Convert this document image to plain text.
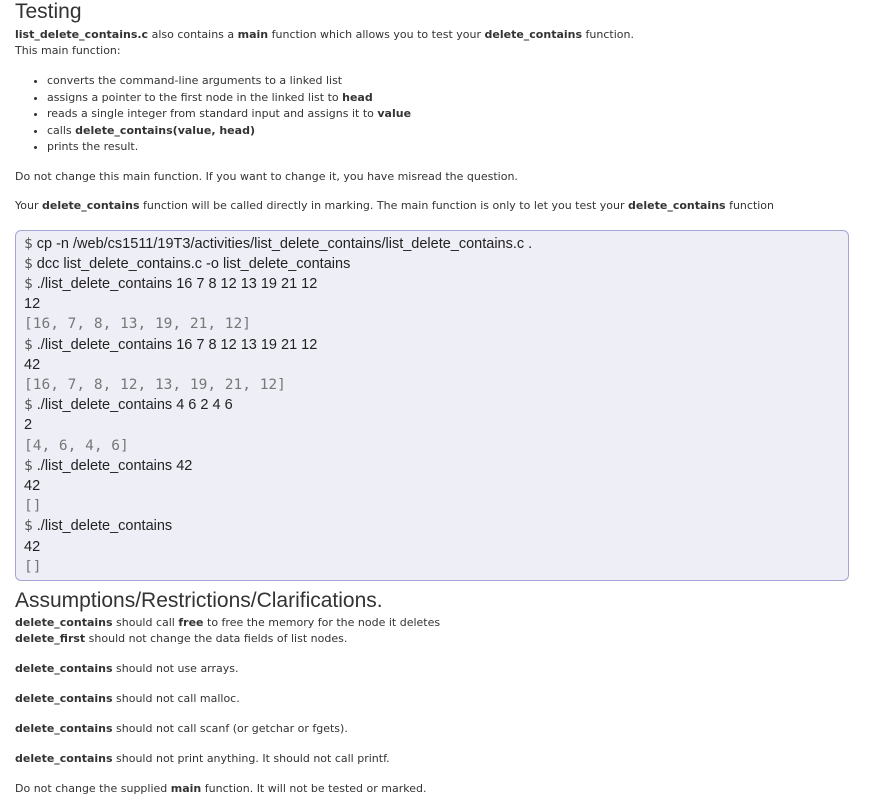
Testing

list_delete_contains.c also contains a main function which allows you to test your delete_contains function.
This main function:

• converts the command-line arguments to a linked list
• assigns a pointer to the first node in the linked list to head
• reads a single integer from standard input and assigns it to value
• calls delete_contains(value, head)
• prints the result.

Do not change this main function. If you want to change it, you have misread the question.

Your delete_contains function will be called directly in marking. The main function is only to let you test your delete_contains function

$ cp -n /web/cs1511/19T3/activities/list_delete_contains/list_delete_contains.c .
$ dcc list_delete_contains.c -o list_delete_contains
$ ./list_delete_contains 16 7 8 12 13 19 21 12
12
[16, 7, 8, 13, 19, 21, 12]
$ ./list_delete_contains 16 7 8 12 13 19 21 12
42
[16, 7, 8, 12, 13, 19, 21, 12]
$ ./list_delete_contains 4 6 2 4 6
2
[4, 6, 4, 6]
$ ./list_delete_contains 42
42
[]
$ ./list_delete_contains
42
[]
Assumptions/Restrictions/Clarifications.

delete_contains should call free to free the memory for the node it deletes

delete_first should not change the data fields of list nodes.

delete_contains should not use arrays.

delete_contains should not call malloc.

delete_contains should not call scanf (or getchar or fgets).

delete_contains should not print anything. It should not call printf.

Do not change the supplied main function. It will not be tested or marked.
